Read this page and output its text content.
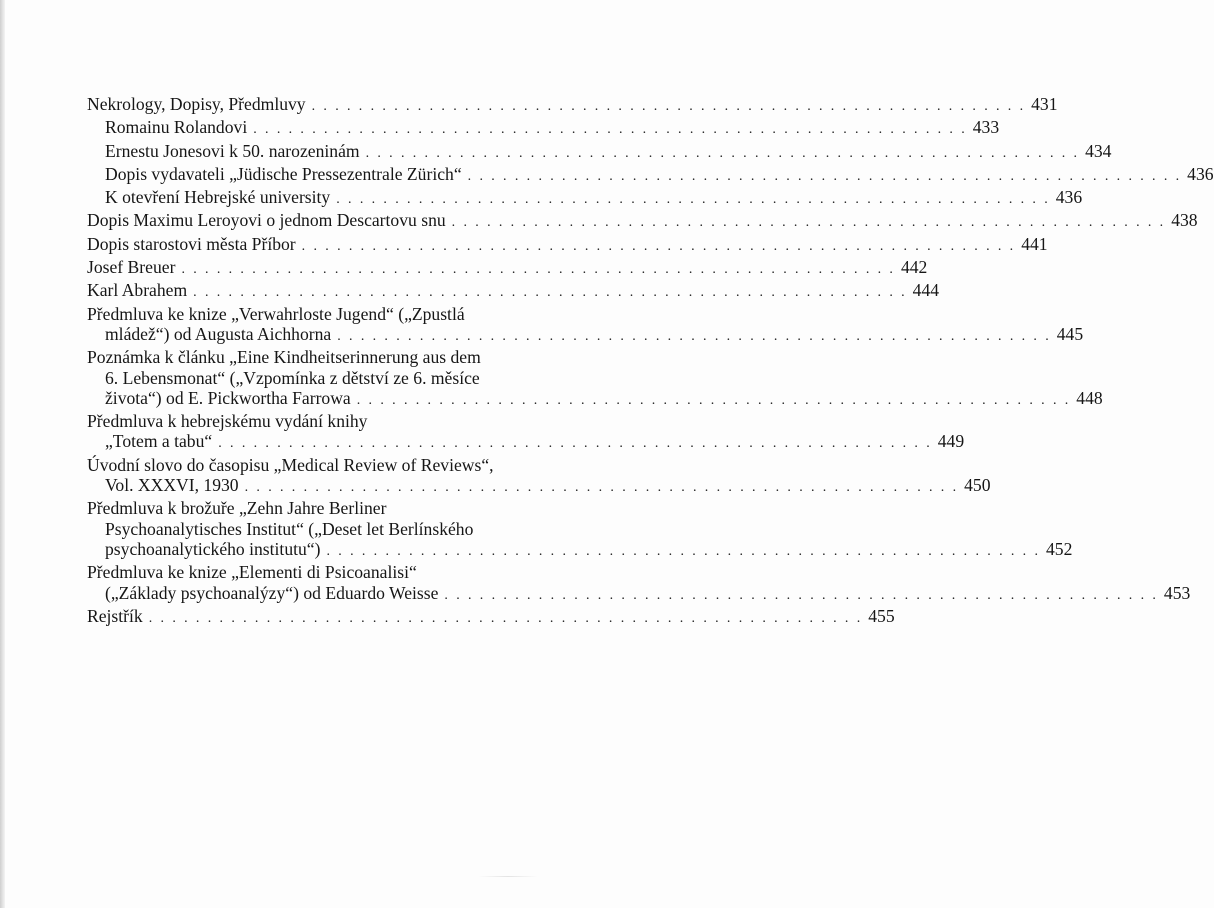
Nekrology, Dopisy, Předmluvy . . . . . . . . . . . . . . . . . . . . . . . . . . . . . . . . . . . . . . . . . . . . . . . . . . . . . . . . . . . . . 431
Romainu Rolandovi . . . . . . . . . . . . . . . . . . . . . . . . . . . . . . . . . . . . . . . . . . . . . . . . . . . . . . . . . . . . . 433
Ernestu Jonesovi k 50. narozeninám . . . . . . . . . . . . . . . . . . . . . . . . . . . . . . . . . . . . . . . . . . . . . . . . . . . . . . . . . . . . . 434
Dopis vydavateli „Jüdische Pressezentrale Zürich“ . . . . . . . . . . . . . . . . . . . . . . . . . . . . . . . . . . . . . . . . . . . . . . . . . . . . . . . . . . . . . 436
K otevření Hebrejské university . . . . . . . . . . . . . . . . . . . . . . . . . . . . . . . . . . . . . . . . . . . . . . . . . . . . . . . . . . . . . 436
Dopis Maximu Leroyovi o jednom Descartovu snu . . . . . . . . . . . . . . . . . . . . . . . . . . . . . . . . . . . . . . . . . . . . . . . . . . . . . . . . . . . . . 438
Dopis starostovi města Příbor . . . . . . . . . . . . . . . . . . . . . . . . . . . . . . . . . . . . . . . . . . . . . . . . . . . . . . . . . . . . . 441
Josef Breuer . . . . . . . . . . . . . . . . . . . . . . . . . . . . . . . . . . . . . . . . . . . . . . . . . . . . . . . . . . . . . 442
Karl Abrahem . . . . . . . . . . . . . . . . . . . . . . . . . . . . . . . . . . . . . . . . . . . . . . . . . . . . . . . . . . . . . 444
Předmluva ke knize „Verwahrloste Jugend“ („Zpustlá
mládež“) od Augusta Aichhorna . . . . . . . . . . . . . . . . . . . . . . . . . . . . . . . . . . . . . . . . . . . . . . . . . . . . . . . . . . . . . 445
Poznámka k článku „Eine Kindheitserinnerung aus dem
6. Lebensmonat“ („Vzpomínka z dětství ze 6. měsíce
života“) od E. Pickwortha Farrowa . . . . . . . . . . . . . . . . . . . . . . . . . . . . . . . . . . . . . . . . . . . . . . . . . . . . . . . . . . . . . 448
Předmluva k hebrejskému vydání knihy
„Totem a tabu“ . . . . . . . . . . . . . . . . . . . . . . . . . . . . . . . . . . . . . . . . . . . . . . . . . . . . . . . . . . . . . 449
Úvodní slovo do časopisu „Medical Review of Reviews“,
Vol. XXXVI, 1930 . . . . . . . . . . . . . . . . . . . . . . . . . . . . . . . . . . . . . . . . . . . . . . . . . . . . . . . . . . . . . 450
Předmluva k brožuře „Zehn Jahre Berliner
Psychoanalytisches Institut“ („Deset let Berlínského
psychoanalytického institutu“) . . . . . . . . . . . . . . . . . . . . . . . . . . . . . . . . . . . . . . . . . . . . . . . . . . . . . . . . . . . . . 452
Předmluva ke knize „Elementi di Psicoanalisi“
(„Základy psychoanalýzy“) od Eduardo Weisse . . . . . . . . . . . . . . . . . . . . . . . . . . . . . . . . . . . . . . . . . . . . . . . . . . . . . . . . . . . . . 453
Rejstřík . . . . . . . . . . . . . . . . . . . . . . . . . . . . . . . . . . . . . . . . . . . . . . . . . . . . . . . . . . . . . 455
